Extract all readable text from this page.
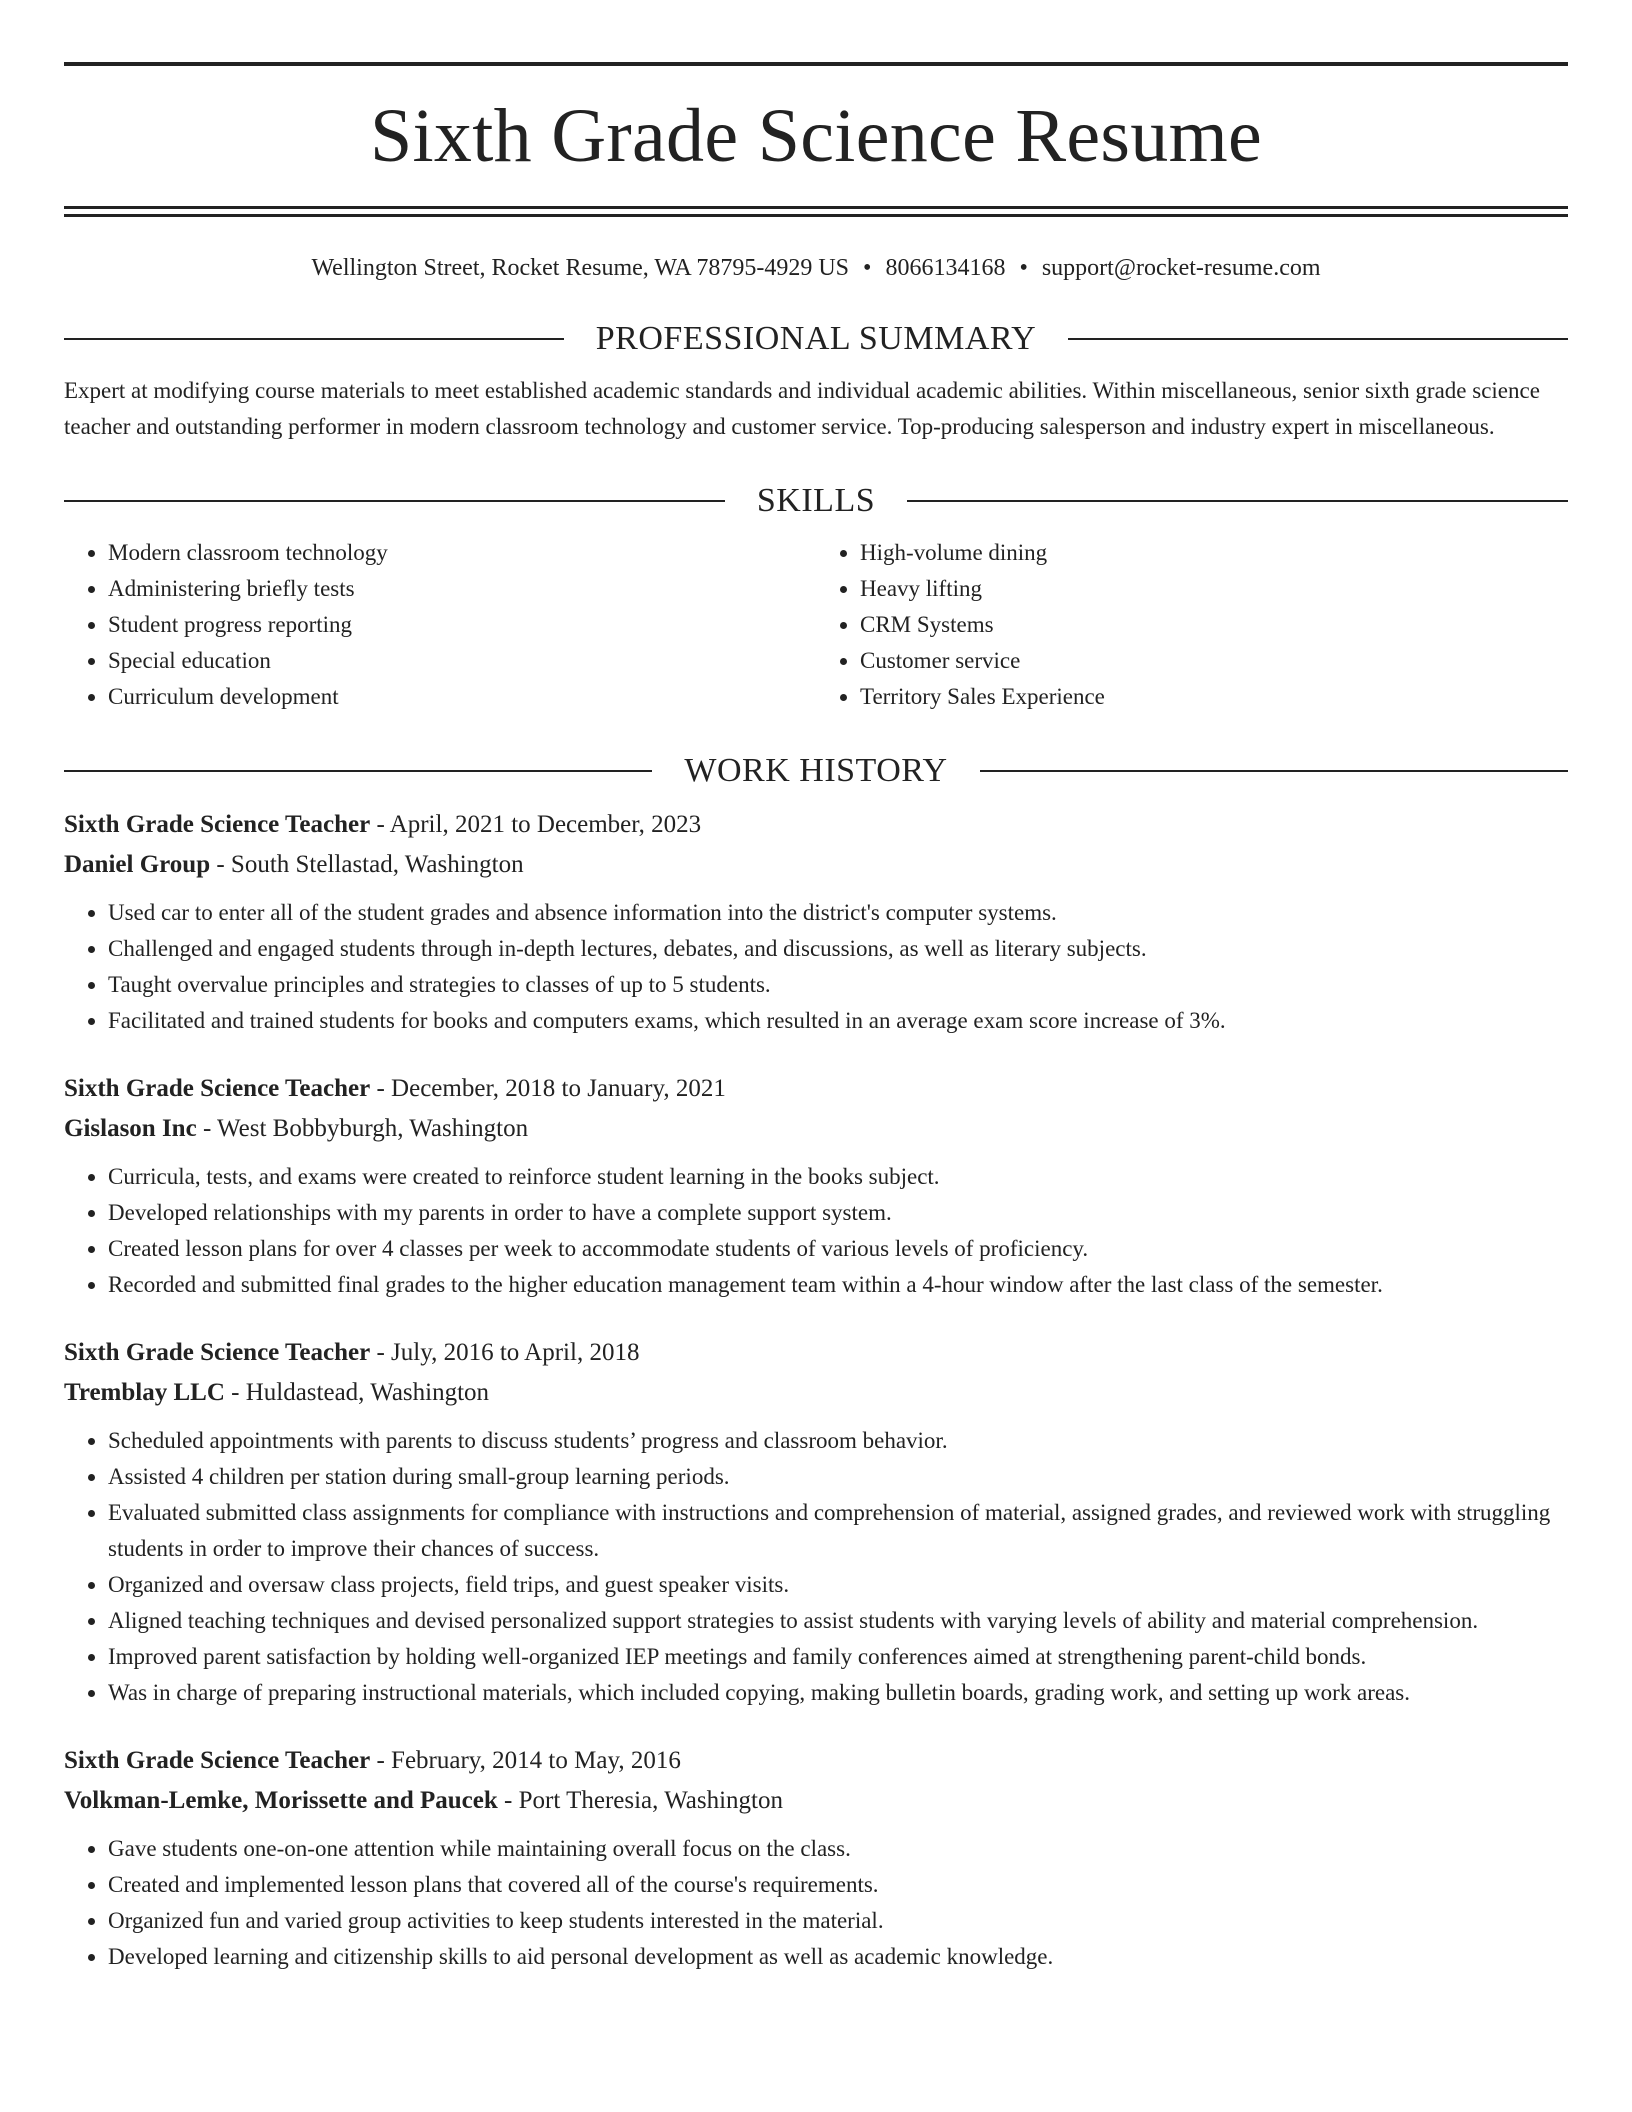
Sixth Grade Science Resume
Wellington Street, Rocket Resume, WA 78795-4929 US • 8066134168 • support@rocket-resume.com
PROFESSIONAL SUMMARY

Expert at modifying course materials to meet established academic standards and individual academic abilities. Within miscellaneous, senior sixth grade science teacher and outstanding performer in modern classroom technology and customer service. Top-producing salesperson and industry expert in miscellaneous.

SKILLS
• Modern classroom technology
• Administering briefly tests
• Student progress reporting
• Special education
• Curriculum development
• High-volume dining
• Heavy lifting
• CRM Systems
• Customer service
• Territory Sales Experience
WORK HISTORY
Sixth Grade Science Teacher - April, 2021 to December, 2023
Daniel Group - South Stellastad, Washington
• Used car to enter all of the student grades and absence information into the district's computer systems.
• Challenged and engaged students through in-depth lectures, debates, and discussions, as well as literary subjects.
• Taught overvalue principles and strategies to classes of up to 5 students.
• Facilitated and trained students for books and computers exams, which resulted in an average exam score increase of 3%.
Sixth Grade Science Teacher - December, 2018 to January, 2021
Gislason Inc - West Bobbyburgh, Washington
• Curricula, tests, and exams were created to reinforce student learning in the books subject.
• Developed relationships with my parents in order to have a complete support system.
• Created lesson plans for over 4 classes per week to accommodate students of various levels of proficiency.
• Recorded and submitted final grades to the higher education management team within a 4-hour window after the last class of the semester.
Sixth Grade Science Teacher - July, 2016 to April, 2018
Tremblay LLC - Huldastead, Washington
• Scheduled appointments with parents to discuss students’ progress and classroom behavior.
• Assisted 4 children per station during small-group learning periods.
• Evaluated submitted class assignments for compliance with instructions and comprehension of material, assigned grades, and reviewed work with struggling students in order to improve their chances of success.
• Organized and oversaw class projects, field trips, and guest speaker visits.
• Aligned teaching techniques and devised personalized support strategies to assist students with varying levels of ability and material comprehension.
• Improved parent satisfaction by holding well-organized IEP meetings and family conferences aimed at strengthening parent-child bonds.
• Was in charge of preparing instructional materials, which included copying, making bulletin boards, grading work, and setting up work areas.
Sixth Grade Science Teacher - February, 2014 to May, 2016
Volkman-Lemke, Morissette and Paucek - Port Theresia, Washington
• Gave students one-on-one attention while maintaining overall focus on the class.
• Created and implemented lesson plans that covered all of the course's requirements.
• Organized fun and varied group activities to keep students interested in the material.
• Developed learning and citizenship skills to aid personal development as well as academic knowledge.
